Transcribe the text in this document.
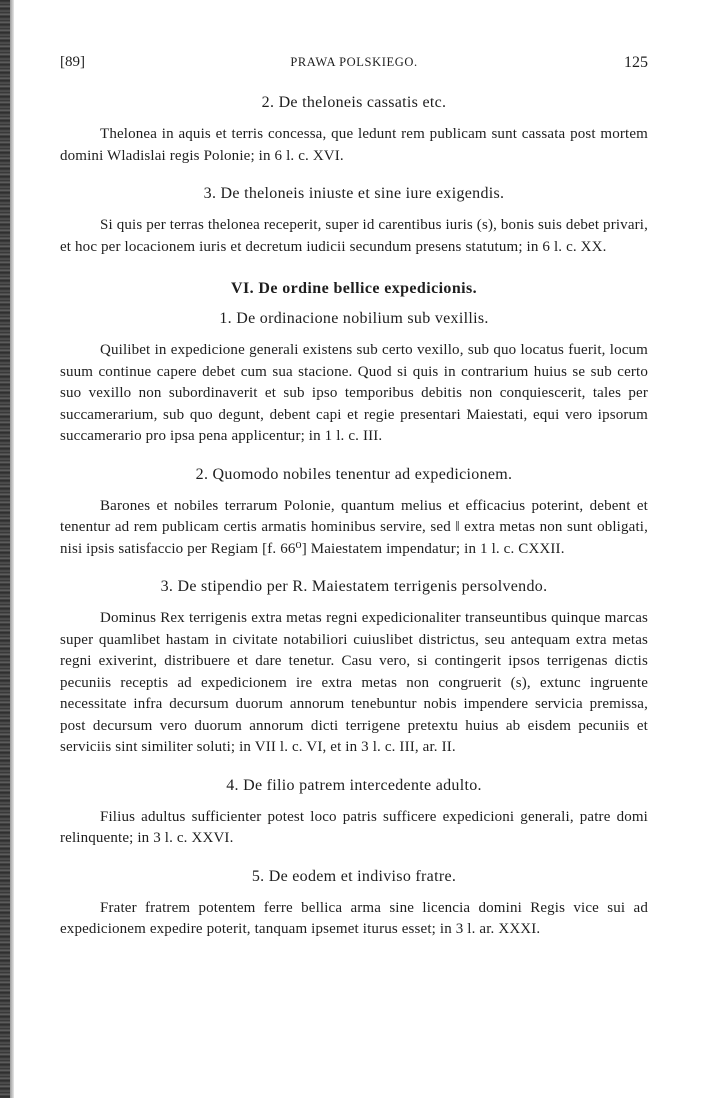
[89]	PRAWA POLSKIEGO.	125
2. De theloneis cassatis etc.

Thelonea in aquis et terris concessa, que ledunt rem publicam sunt cassata post mortem domini Wladislai regis Polonie; in 6 l. c. XVI.

3. De theloneis iniuste et sine iure exigendis.

Si quis per terras thelonea receperit, super id carentibus iuris (s), bonis suis debet privari, et hoc per locacionem iuris et decretum iudicii secundum presens statutum; in 6 l. c. XX.

VI. De ordine bellice expedicionis.
1. De ordinacione nobilium sub vexillis.

Quilibet in expedicione generali existens sub certo vexillo, sub quo locatus fuerit, locum suum continue capere debet cum sua stacione. Quod si quis in contrarium huius se sub certo suo vexillo non subordinaverit et sub ipso temporibus debitis non conquiescerit, tales per succamerarium, sub quo degunt, debent capi et regie presentari Maiestati, equi vero ipsorum succamerario pro ipsa pena applicentur; in 1 l. c. III.

2. Quomodo nobiles tenentur ad expedicionem.

Barones et nobiles terrarum Polonie, quantum melius et efficacius poterint, debent et tenentur ad rem publicam certis armatis hominibus servire, sed ‖ extra metas non sunt obligati, nisi ipsis satisfaccio per Regiam [f. 66⁰] Maiestatem impendatur; in 1 l. c. CXXII.

3. De stipendio per R. Maiestatem terrigenis persolvendo.

Dominus Rex terrigenis extra metas regni expedicionaliter transeuntibus quinque marcas super quamlibet hastam in civitate notabiliori cuiuslibet districtus, seu antequam extra metas regni exiverint, distribuere et dare tenetur. Casu vero, si contingerit ipsos terrigenas dictis pecuniis receptis ad expedicionem ire extra metas non congruerit (s), extunc ingruente necessitate infra decursum duorum annorum tenebuntur nobis impendere servicia premissa, post decursum vero duorum annorum dicti terrigene pretextu huius ab eisdem pecuniis et serviciis sint similiter soluti; in VII l. c. VI, et in 3 l. c. III, ar. II.

4. De filio patrem intercedente adulto.

Filius adultus sufficienter potest loco patris sufficere expedicioni generali, patre domi relinquente; in 3 l. c. XXVI.

5. De eodem et indiviso fratre.

Frater fratrem potentem ferre bellica arma sine licencia domini Regis vice sui ad expedicionem expedire poterit, tanquam ipsemet iturus esset; in 3 l. ar. XXXI.
